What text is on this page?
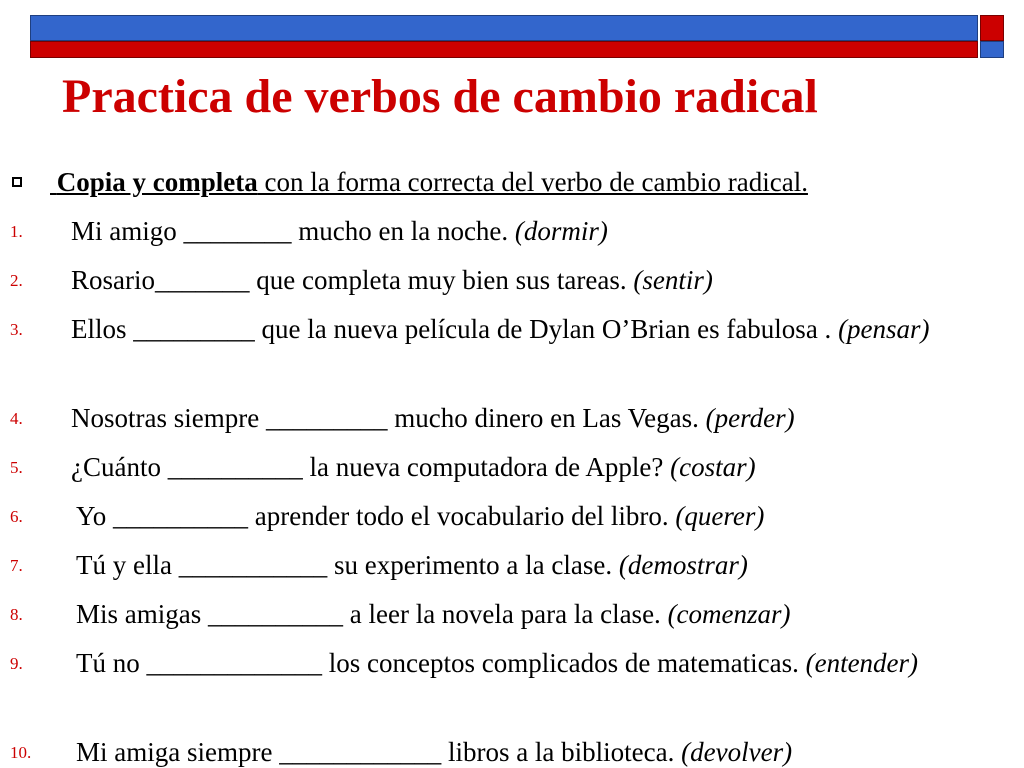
Practica de verbos de cambio radical
Copia y completa con la forma correcta del verbo de cambio radical.
1.	Mi amigo ________ mucho en la noche. (dormir)
2.	Rosario_______ que completa muy bien sus tareas. (sentir)
3.	Ellos _________ que la nueva película de Dylan O’Brian es fabulosa . (pensar)
4.	Nosotras siempre _________ mucho dinero en Las Vegas. (perder)
5.	¿Cuánto __________ la nueva computadora de Apple? (costar)
6.	Yo __________ aprender todo el vocabulario del libro. (querer)
7.	Tú y ella ___________ su experimento a la clase. (demostrar)
8.	Mis amigas __________ a leer la novela para la clase. (comenzar)
9.	Tú no _____________ los conceptos complicados de matematicas. (entender)
10.	Mi amiga siempre ____________ libros a la biblioteca. (devolver)
